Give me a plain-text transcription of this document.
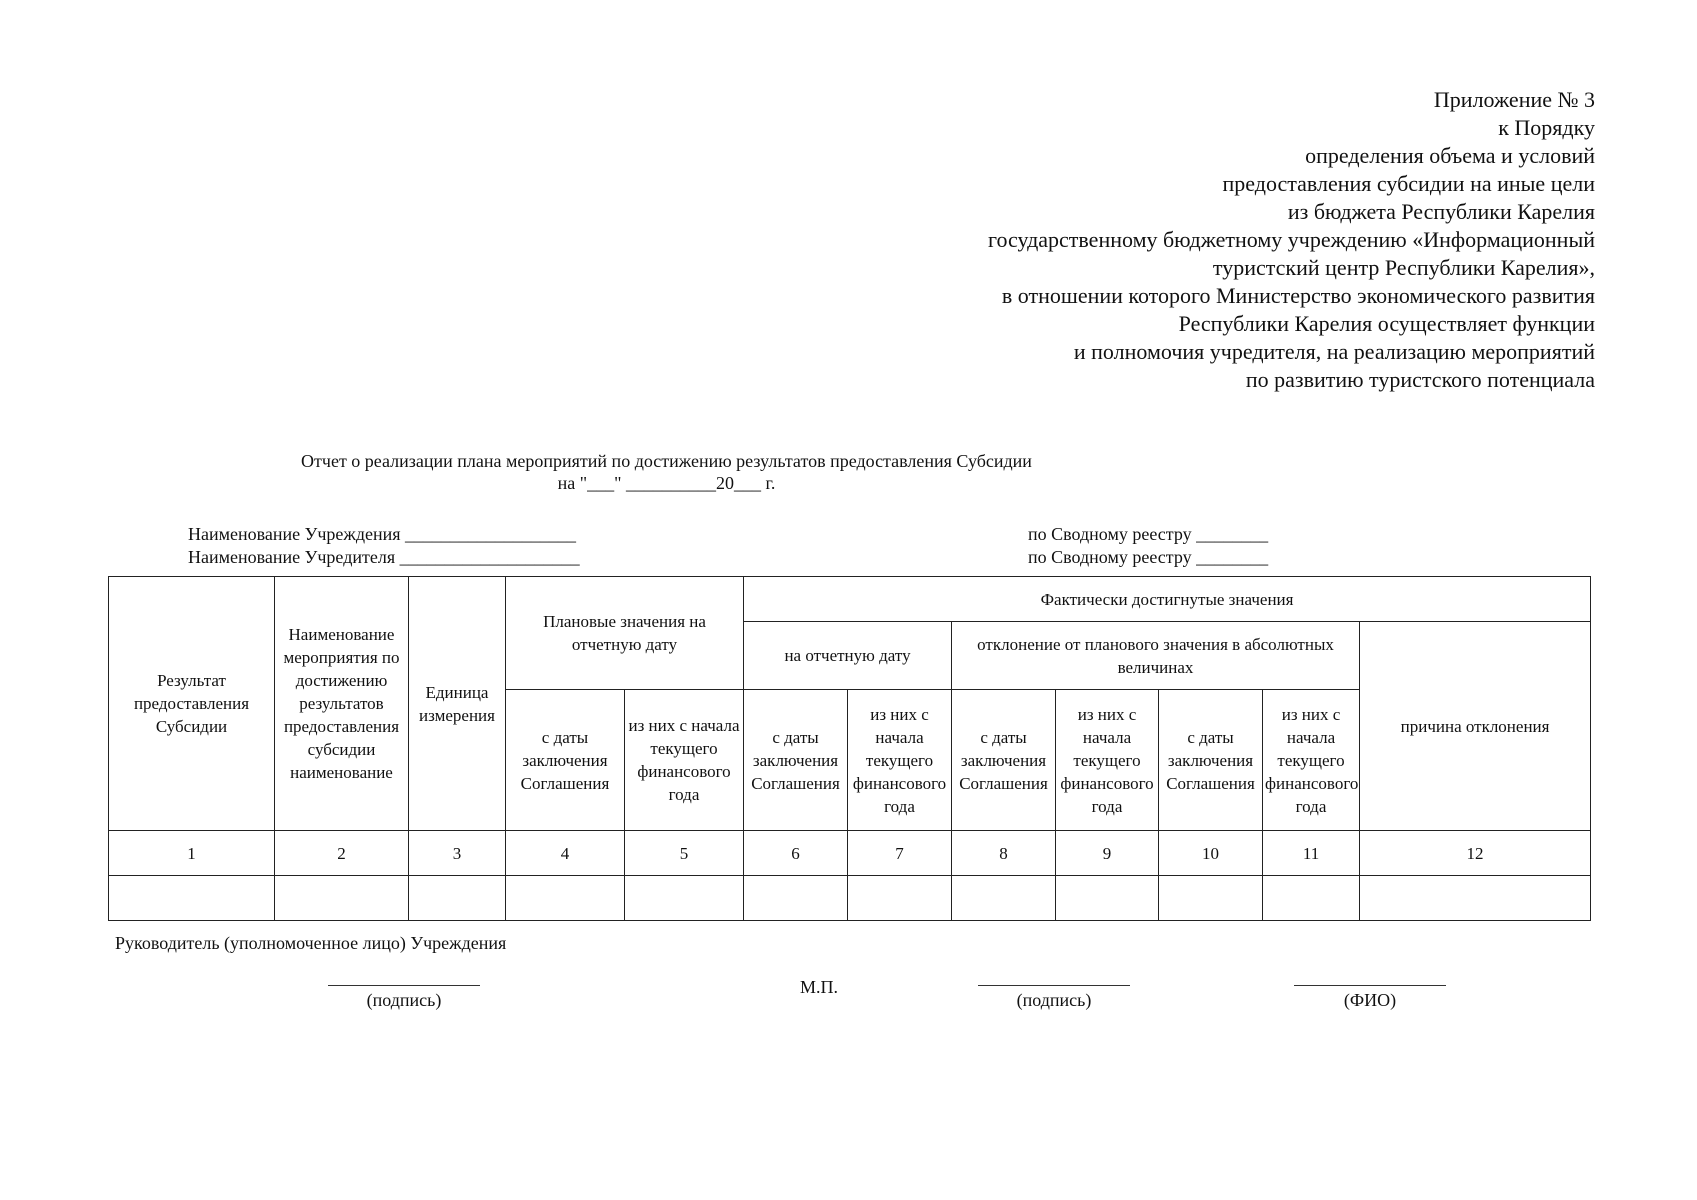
Приложение № 3
к Порядку
определения объема и условий
предоставления субсидии на иные цели
из бюджета Республики Карелия
государственному бюджетному учреждению «Информационный
туристский центр Республики Карелия»,
в отношении которого Министерство экономического развития
Республики Карелия осуществляет функции
и полномочия учредителя, на реализацию мероприятий
по развитию туристского потенциала
Отчет о реализации плана мероприятий по достижению результатов предоставления Субсидии
на "___" __________20___ г.
Наименование Учреждения ___________________
Наименование Учредителя ____________________
по Сводному реестру ________
по Сводному реестру ________
Результат предоставления Субсидии	Наименование мероприятия по достижению результатов предоставления субсидии наименование	Единица измерения	Плановые значения на отчетную дату		Фактически достигнутые значения						
					на отчетную дату		отклонение от планового значения в абсолютных величинах				причина отклонения
			с даты заключения Соглашения	из них с начала текущего финансового года	с даты заключения Соглашения	из них с начала текущего финансового года	с даты заключения Соглашения	из них с начала текущего финансового года	с даты заключения Соглашения	из них с начала текущего финансового года	
1	2	3	4	5	6	7	8	9	10	11	12

Руководитель (уполномоченное лицо) Учреждения
(подпись)
М.П.
(подпись)	(ФИО)
